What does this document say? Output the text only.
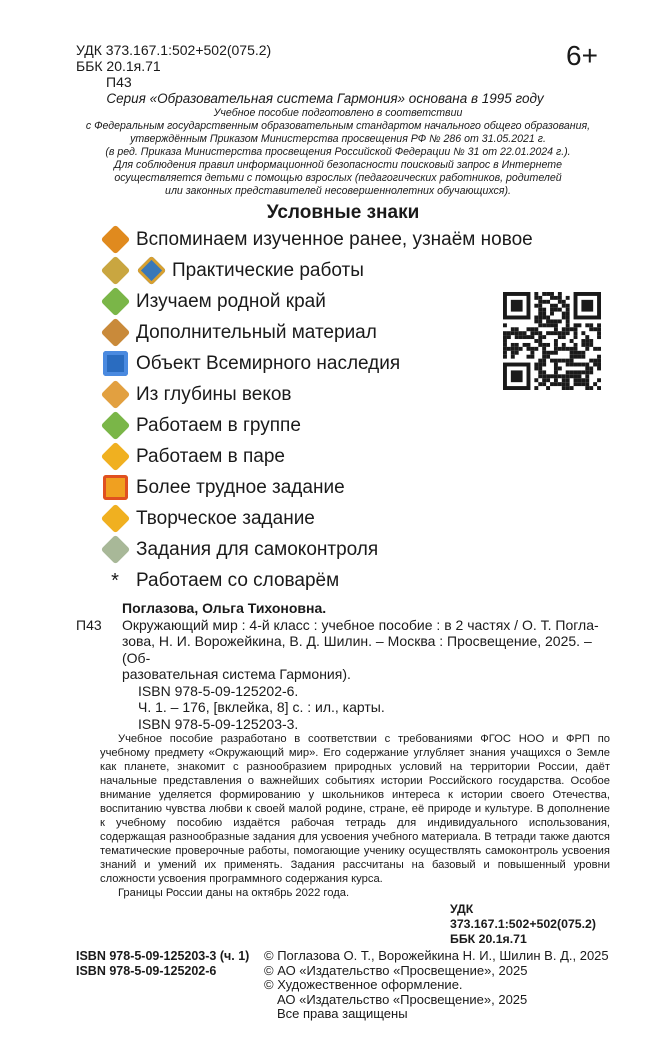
6+
УДК 373.167.1:502+502(075.2)
ББК 20.1я.71
П43
Серия «Образовательная система Гармония» основана в 1995 году
Учебное пособие подготовлено в соответствии
с Федеральным государственным образовательным стандартом начального общего образования,
утверждённым Приказом Министерства просвещения РФ № 286 от 31.05.2021 г.
(в ред. Приказа Министерства просвещения Российской Федерации № 31 от 22.01.2024 г.).
Для соблюдения правил информационной безопасности поисковый запрос в Интернете
осуществляется детьми с помощью взрослых (педагогических работников, родителей
или законных представителей несовершеннолетних обучающихся).
Условные знаки
Вспоминаем изученное ранее, узнаём новое
Практические работы
Изучаем родной край
Дополнительный материал
Объект Всемирного наследия
Из глубины веков
Работаем в группе
Работаем в паре
Более трудное задание
Творческое задание
Задания для самоконтроля
* Работаем со словарём
Поглазова, Ольга Тихоновна.
П43	Окружающий мир : 4-й класс : учебное пособие : в 2 частях / О. Т. Погла-
зова, Н. И. Ворожейкина, В. Д. Шилин. – Москва : Просвещение, 2025. – (Об-
разовательная система Гармония).
ISBN 978-5-09-125202-6.
Ч. 1. – 176, [вклейка, 8] с. : ил., карты.
ISBN 978-5-09-125203-3.

Учебное пособие разработано в соответствии с требованиями ФГОС НОО и ФРП по учебному предмету «Окружающий мир». Его содержание углубляет знания учащихся о Земле как планете, знакомит с разнообразием природных условий на территории России, даёт начальные представления о важнейших событиях истории Российского государства. Особое внимание уделяется формированию у школьников интереса к истории своего Отечества, воспитанию чувства любви к своей малой родине, стране, её природе и культуре. В дополнение к учебному пособию издаётся рабочая тетрадь для индивидуального использования, содержащая разнообразные задания для усвоения учебного материала. В тетради также даются тематические проверочные работы, помогающие ученику осуществлять самоконтроль усвоения знаний и умений их применять. Задания рассчитаны на базовый и повышенный уровни сложности усвоения программного содержания курса.

Границы России даны на октябрь 2022 года.

УДК 373.167.1:502+502(075.2)
ББК 20.1я.71
ISBN 978-5-09-125203-3 (ч. 1)
ISBN 978-5-09-125202-6
© Поглазова О. Т., Ворожейкина Н. И., Шилин В. Д., 2025
© АО «Издательство «Просвещение», 2025
© Художественное оформление.
АО «Издательство «Просвещение», 2025
Все права защищены
